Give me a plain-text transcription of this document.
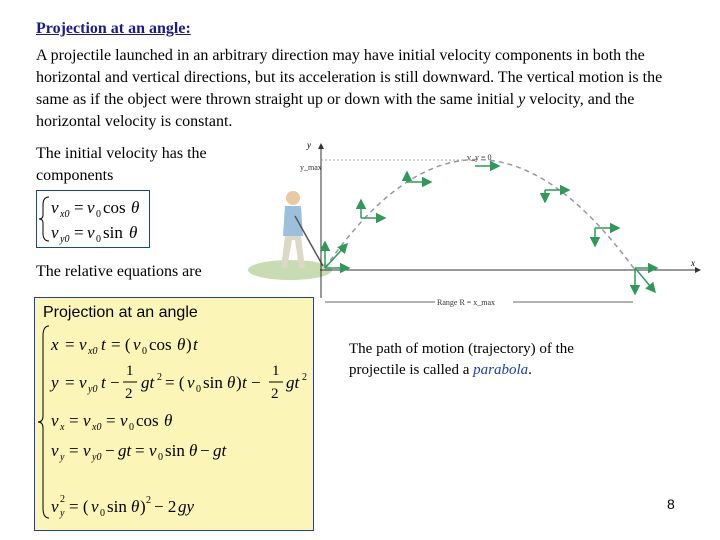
Projection at an angle:
A projectile launched in an arbitrary direction may have initial velocity components in both the horizontal and vertical directions, but its acceleration is still downward. The vertical motion is the same as if the object were thrown straight up or down with the same initial y velocity, and the horizontal velocity is constant.
The initial velocity has the components
v x0 = v 0 cos θ
v y0 = v 0 sin θ
The relative equations are
Projection at an angle
x = v x0 t = ( v 0 cos θ ) t
y = v y0 t −
1
2
gt 2 = ( v 0 sin θ ) t −
1
2
gt 2
v x = v x0 = v 0 cos θ
v y = v y0 − gt = v 0 sin θ − gt
v y
2 = ( v 0 sin θ ) 2 − 2 gy
x
y
y_max
v_y = 0
Range R = x_max
The path of motion (trajectory) of the projectile is called a parabola.
8
